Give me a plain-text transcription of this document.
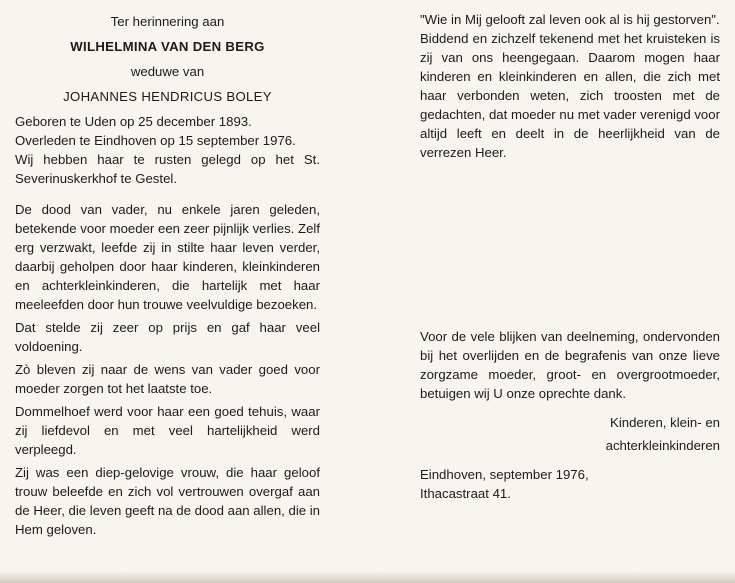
Ter herinnering aan

WILHELMINA VAN DEN BERG

weduwe van

JOHANNES HENDRICUS BOLEY

Geboren te Uden op 25 december 1893.

Overleden te Eindhoven op 15 september 1976.

Wij hebben haar te rusten gelegd op het St. Severinuskerkhof te Gestel.

De dood van vader, nu enkele jaren geleden, betekende voor moeder een zeer pijnlijk verlies. Zelf erg verzwakt, leefde zij in stilte haar leven verder, daarbij geholpen door haar kinderen, kleinkinderen en achterkleinkinderen, die hartelijk met haar meeleefden door hun trouwe veelvuldige bezoeken.

Dat stelde zij zeer op prijs en gaf haar veel voldoening.

Zò bleven zij naar de wens van vader goed voor moeder zorgen tot het laatste toe.

Dommelhoef werd voor haar een goed tehuis, waar zij liefdevol en met veel hartelijkheid werd verpleegd.

Zij was een diep-gelovige vrouw, die haar geloof trouw beleefde en zich vol vertrouwen overgaf aan de Heer, die leven geeft na de dood aan allen, die in Hem geloven.

"Wie in Mij gelooft zal leven ook al is hij gestorven".

Biddend en zichzelf tekenend met het kruisteken is zij van ons heengegaan. Daarom mogen haar kinderen en kleinkinderen en allen, die zich met haar verbonden weten, zich troosten met de gedachten, dat moeder nu met vader verenigd voor altijd leeft en deelt in de heerlijkheid van de verrezen Heer.

Voor de vele blijken van deelneming, ondervonden bij het overlijden en de begrafenis van onze lieve zorgzame moeder, groot- en overgrootmoeder, betuigen wij U onze oprechte dank.

Kinderen, klein- en

achterkleinkinderen

Eindhoven, september 1976,

Ithacastraat 41.
